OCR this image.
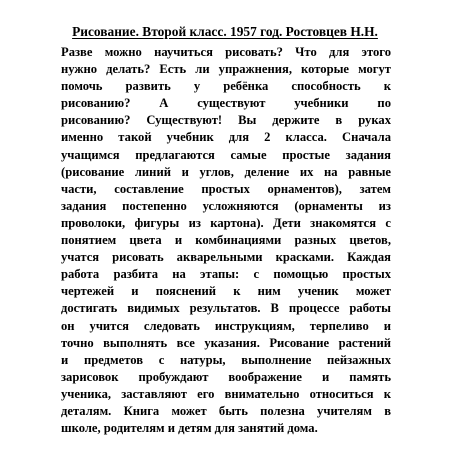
Рисование. Второй класс. 1957 год. Ростовцев Н.Н.
Разве можно научиться рисовать? Что для этого
нужно делать? Есть ли упражнения, которые могут
помочь развить у ребёнка способность к
рисованию? А существуют учебники по
рисованию? Существуют! Вы держите в руках
именно такой учебник для 2 класса. Сначала
учащимся предлагаются самые простые задания
(рисование линий и углов, деление их на равные
части, составление простых орнаментов), затем
задания постепенно усложняются (орнаменты из
проволоки, фигуры из картона). Дети знакомятся с
понятием цвета и комбинациями разных цветов,
учатся рисовать акварельными красками. Каждая
работа разбита на этапы: с помощью простых
чертежей и пояснений к ним ученик может
достигать видимых результатов. В процессе работы
он учится следовать инструкциям, терпеливо и
точно выполнять все указания. Рисование растений
и предметов с натуры, выполнение пейзажных
зарисовок пробуждают воображение и память
ученика, заставляют его внимательно относиться к
деталям. Книга может быть полезна учителям в
школе, родителям и детям для занятий дома.
